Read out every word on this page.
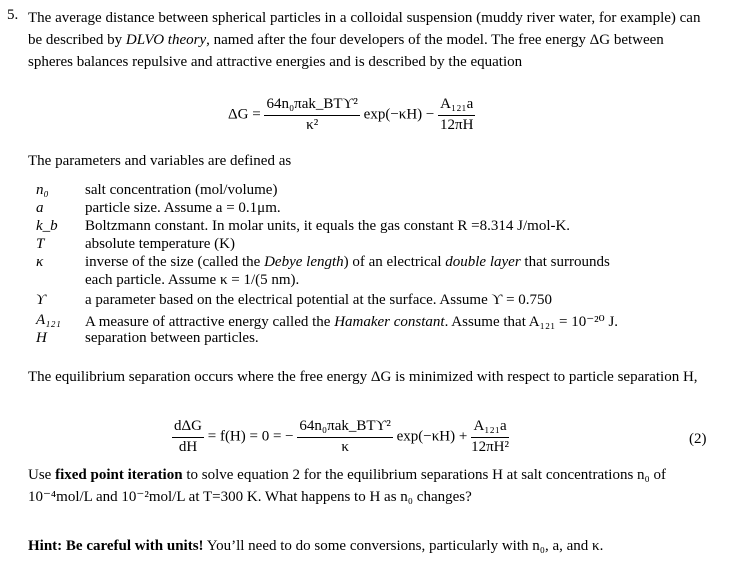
5. The average distance between spherical particles in a colloidal suspension (muddy river water, for example) can be described by DLVO theory, named after the four developers of the model. The free energy ΔG between spheres balances repulsive and attractive energies and is described by the equation
$\Delta G = \frac{\text{64n₀πak\_BTϒ²}}{\text{κ²}} \exp(-\kappa H) - \frac{\text{A₁₂₁a}}{12\pi H}$
The parameters and variables are defined as
n₀	salt concentration (mol/volume)
a	particle size. Assume a = 0.1μm.
k_b	Boltzmann constant. In molar units, it equals the gas constant R =8.314 J/mol-K.
T	absolute temperature (K)
κ	inverse of the size (called the Debye length) of an electrical double layer that surrounds
each particle. Assume κ = 1/(5 nm).
ϒ	a parameter based on the electrical potential at the surface. Assume ϒ = 0.750
A₁₂₁	A measure of attractive energy called the Hamaker constant. Assume that A₁₂₁ = 10⁻²⁰ J.
H	separation between particles.
The equilibrium separation occurs where the free energy ΔG is minimized with respect to particle separation H,
$\frac{\text{dΔG}}{dH} = f(H) = 0$ = − $\frac{\text{64n₀πak\_BTϒ²}}{\kappa} \exp(-\kappa H) + \frac{\text{A₁₂₁a}}{\text{12πH²}}$	(2)
Use fixed point iteration to solve equation 2 for the equilibrium separations H at salt concentrations n₀ of 10⁻⁴mol/L and 10⁻²mol/L at T=300 K. What happens to H as n₀ changes?
Hint: Be careful with units! You’ll need to do some conversions, particularly with n₀, a, and κ.
